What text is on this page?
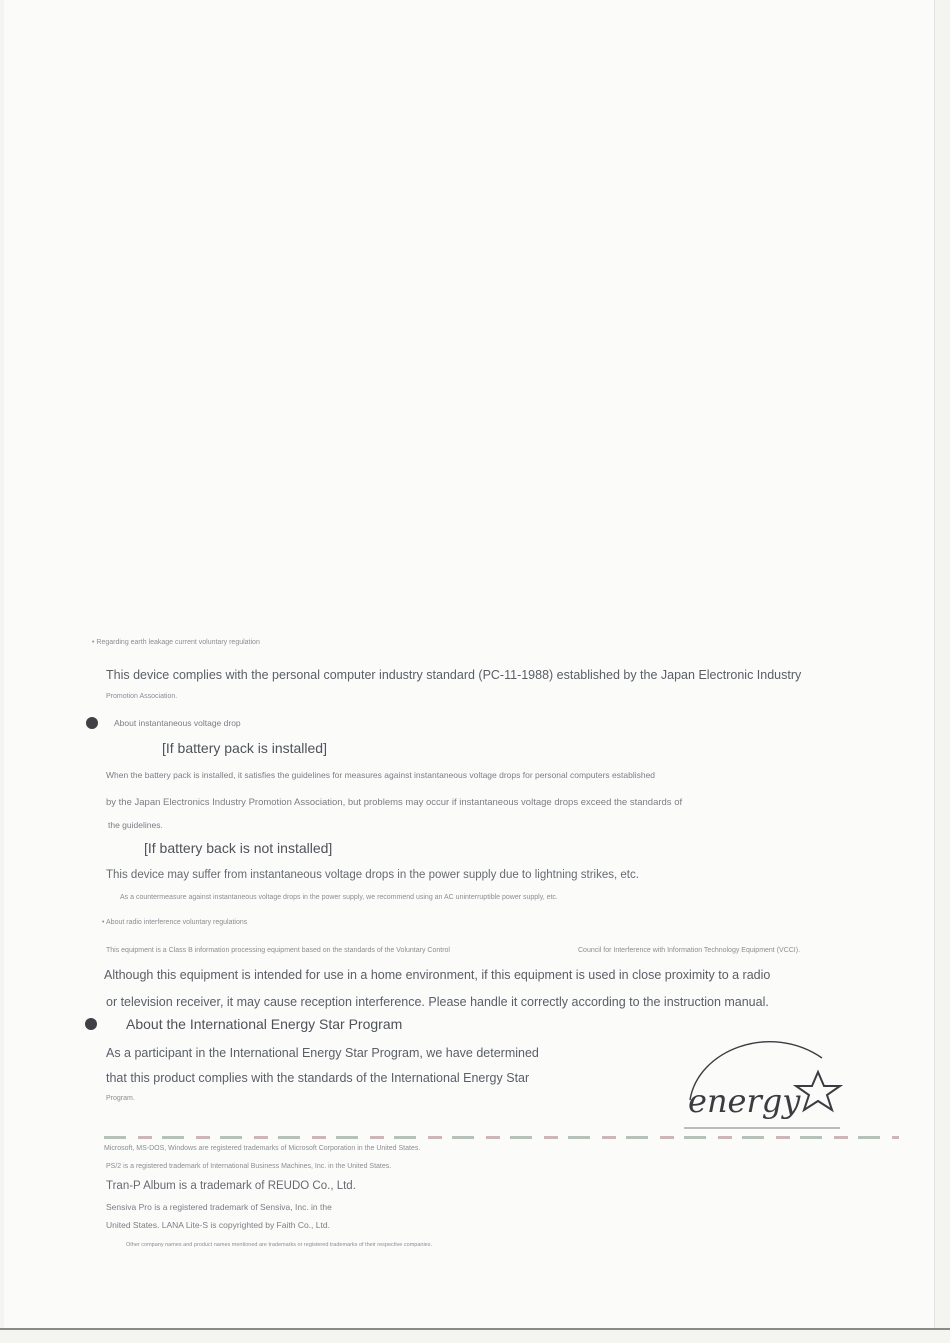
• Regarding earth leakage current voluntary regulation

This device complies with the personal computer industry standard (PC-11-1988) established by the Japan Electronic Industry

Promotion Association.

About instantaneous voltage drop

[If battery pack is installed]

When the battery pack is installed, it satisfies the guidelines for measures against instantaneous voltage drops for personal computers established

by the Japan Electronics Industry Promotion Association, but problems may occur if instantaneous voltage drops exceed the standards of

the guidelines.

[If battery back is not installed]

This device may suffer from instantaneous voltage drops in the power supply due to lightning strikes, etc.

As a countermeasure against instantaneous voltage drops in the power supply, we recommend using an AC uninterruptible power supply, etc.

• About radio interference voluntary regulations

This equipment is a Class B information processing equipment based on the standards of the Voluntary Control	Council for Interference with Information Technology Equipment (VCCI).

Although this equipment is intended for use in a home environment, if this equipment is used in close proximity to a radio

or television receiver, it may cause reception interference. Please handle it correctly according to the instruction manual.

About the International Energy Star Program

As a participant in the International Energy Star Program, we have determined

that this product complies with the standards of the International Energy Star

Program.	energy

Microsoft, MS-DOS, Windows are registered trademarks of Microsoft Corporation in the United States.

PS/2 is a registered trademark of International Business Machines, Inc. in the United States.

Tran-P Album is a trademark of REUDO Co., Ltd.

Sensiva Pro is a registered trademark of Sensiva, Inc. in the

United States. LANA Lite-S is copyrighted by Faith Co., Ltd.

Other company names and product names mentioned are trademarks or registered trademarks of their respective companies.
